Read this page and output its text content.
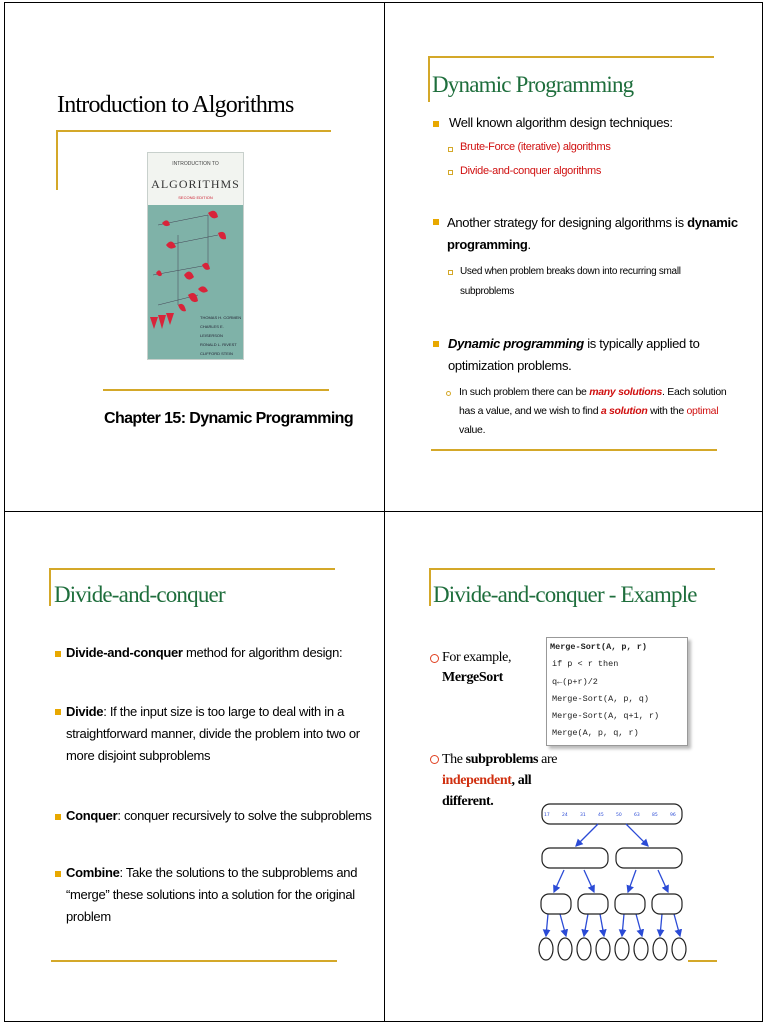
Introduction to Algorithms
INTRODUCTION TO
ALGORITHMS
SECOND EDITION
THOMAS H. CORMEN
CHARLES E. LEISERSON
RONALD L. RIVEST
CLIFFORD STEIN
Chapter 15: Dynamic Programming
Dynamic Programming
Well known algorithm design techniques:
Brute-Force (iterative) algorithms
Divide-and-conquer algorithms
Another strategy for designing algorithms is dynamic
programming.
Used when problem breaks down into recurring small
subproblems
Dynamic programming is typically applied to
optimization problems.
In such problem there can be many solutions. Each solution
has a value, and we wish to find a solution with the optimal
value.
Divide-and-conquer
Divide-and-conquer method for algorithm design:
Divide: If the input size is too large to deal with in a
straightforward manner, divide the problem into two or
more disjoint subproblems
Conquer: conquer recursively to solve the subproblems
Combine: Take the solutions to the subproblems and
“merge” these solutions into a solution for the original
problem
Divide-and-conquer - Example
For example,
MergeSort
Merge-Sort(A, p, r)
if p < r then
q←(p+r)/2
Merge-Sort(A, p, q)
Merge-Sort(A, q+1, r)
Merge(A, p, q, r)
The subproblems are
independent, all
different.
17	24	31	45	50	63	85	96
